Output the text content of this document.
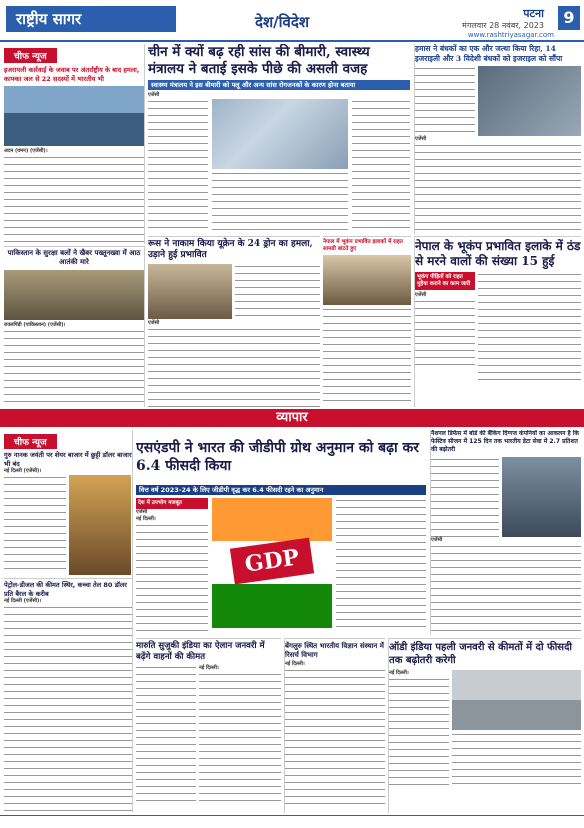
राष्ट्रीय सागर	देश/विदेश	पटना
मंगलवार 28 नवंबर, 2023
www.rashtriyasagar.com
9
चीफ न्यूज
इजरायली कार्रवाई के जवाब पर अंतर्राष्ट्रीय के बाद हमला, काफ्का जल से 22 सदस्यों में भारतीय भी
अदन (यमन) (एजेंसी)।
पाकिस्तान के सुरक्षा बलों ने खैबर पख्तूनख्वा में आठ आतंकी मारे
रावलपिंडी (पाकिस्तान) (एजेंसी)।
चीन में क्यों बढ़ रही सांस की बीमारी, स्वास्थ्य मंत्रालय ने बताई इसके पीछे की असली वजह
स्वास्थ्य मंत्रालय ने इस बीमारी को फ्लू और अन्य सांस रोगजनकों के कारण होना बताया
एजेंसी
रूस ने नाकाम किया यूक्रेन के 24 ड्रोन का हमला, उड़ाने हुई प्रभावित
एजेंसी
नेपाल में भूकंप प्रभावित इलाकों में राहत सामग्री बांटते हुए
हमास ने बंधकों का एक और जत्था किया रिहा, 14 इजराइली और 3 विदेशी बंधकों को इजराइल को सौंपा
एजेंसी
नेपाल के भूकंप प्रभावित इलाके में ठंड से मरने वालों की संख्या 15 हुई
भूकंप पीड़ितों को राहत मुहैया कराने का काम जारी
एजेंसी
व्यापार
चीफ न्यूज
गुरु नानक जयंती पर शेयर बाजार में छुट्टी डॉलर बाजार भी बंद
नई दिल्ली (एजेंसी)।
पेट्रोल-डीजल की कीमत स्थिर, कच्चा तेल 80 डॉलर प्रति बैरल के करीब
नई दिल्ली (एजेंसी)।
एसएंडपी ने भारत की जीडीपी ग्रोथ अनुमान को बढ़ा कर 6.4 फीसदी किया
वित्त वर्ष 2023-24 के लिए जीडीपी वृद्ध कर 6.4 फीसदी रहने का अनुमान
देश में उपभोग मजबूत
एजेंसी
नई दिल्ली।
GDP
नैशनल डिफेंस में बोर्ड की बैंकिंग दिग्गज कंपनियों का आकलन है कि फेस्टिव सीजन में 125 दिन तक भारतीय डेटा सेवा में 2.7 प्रतिशत की बढ़ोतरी
एजेंसी
मारुति सुजुकी इंडिया का ऐलान जनवरी में बढ़ेंगे वाहनों की कीमत
नई दिल्ली।
बेंगलुरु स्थित भारतीय विज्ञान संस्थान में रिसर्च विभाग
नई दिल्ली।
ऑडी इंडिया पहली जनवरी से कीमतों में दो फीसदी तक बढ़ोतरी करेगी
नई दिल्ली।
